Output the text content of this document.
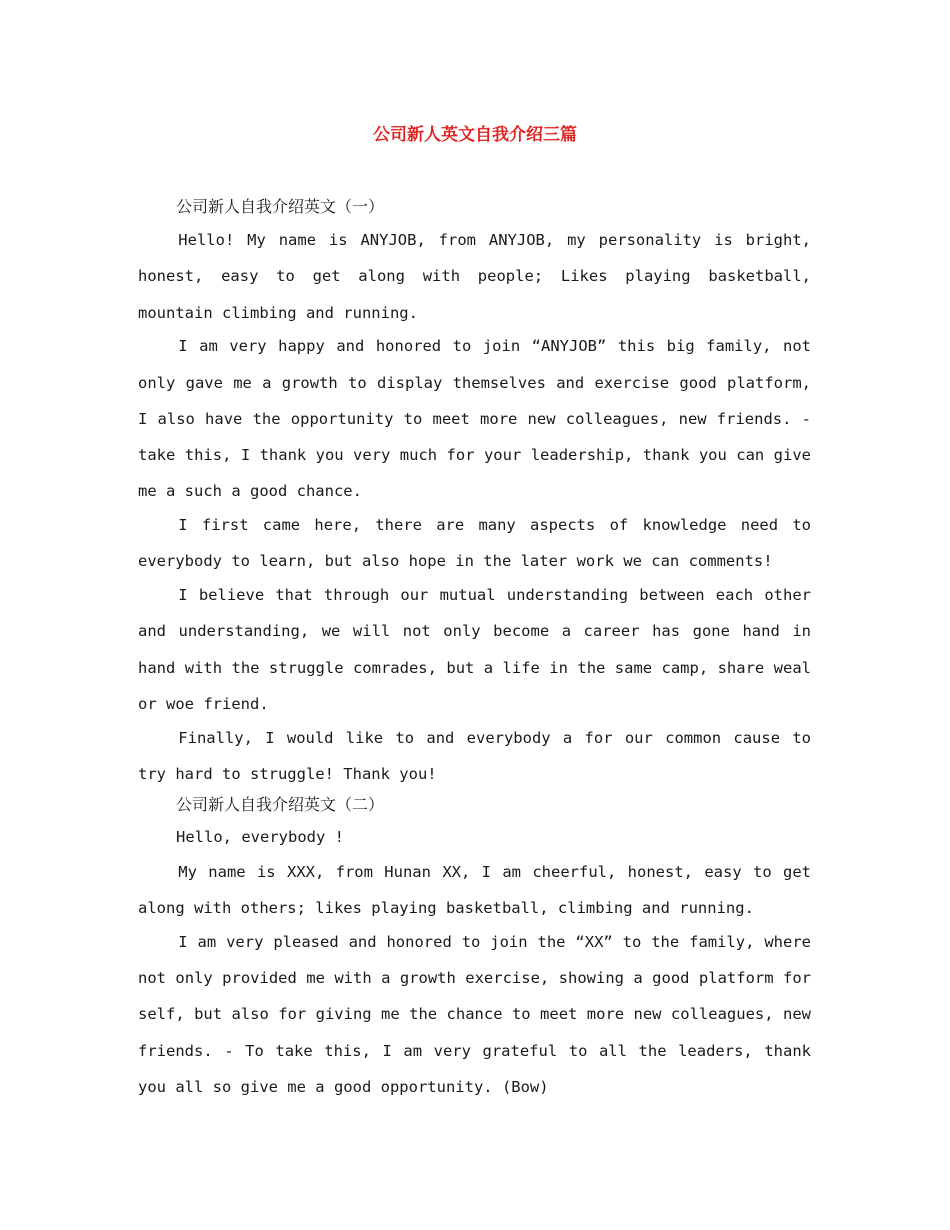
公司新人英文自我介绍三篇
公司新人自我介绍英文（一）

Hello! My name is ANYJOB, from ANYJOB, my personality is bright, honest, easy to get along with people; Likes playing basketball, mountain climbing and running.

I am very happy and honored to join “ANYJOB” this big family, not only gave me a growth to display themselves and exercise good platform, I also have the opportunity to meet more new colleagues, new friends. - take this, I thank you very much for your leadership, thank you can give me a such a good chance.

I first came here, there are many aspects of knowledge need to everybody to learn, but also hope in the later work we can comments!

I believe that through our mutual understanding between each other and understanding, we will not only become a career has gone hand in hand with the struggle comrades, but a life in the same camp, share weal or woe friend.

Finally, I would like to and everybody a for our common cause to try hard to struggle! Thank you!

公司新人自我介绍英文（二）

Hello, everybody !

My name is XXX, from Hunan XX, I am cheerful, honest, easy to get along with others; likes playing basketball, climbing and running.

I am very pleased and honored to join the “XX” to the family, where not only provided me with a growth exercise, showing a good platform for self, but also for giving me the chance to meet more new colleagues, new friends. - To take this, I am very grateful to all the leaders, thank you all so give me a good opportunity. (Bow)
